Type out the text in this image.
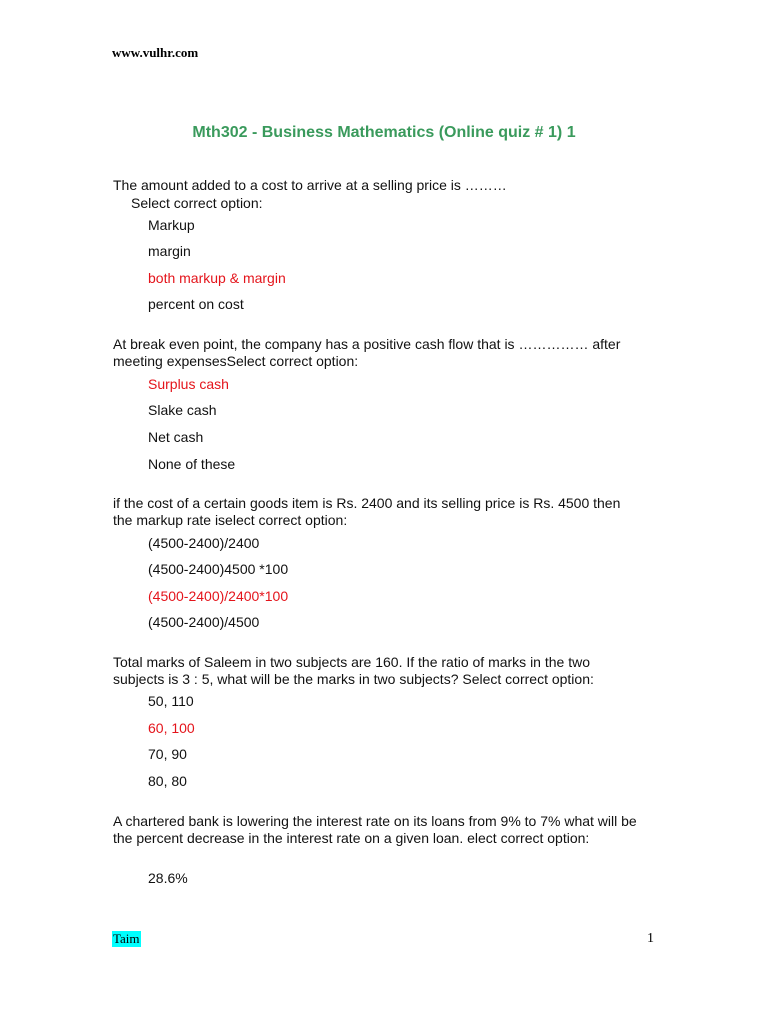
www.vulhr.com
Mth302 - Business Mathematics (Online quiz # 1) 1
The amount added to a cost to arrive at a selling price is ………
Select correct option:
Markup
margin
both markup & margin
percent on cost
At break even point, the company has a positive cash flow that is …………… after meeting expensesSelect correct option:
Surplus cash
Slake cash
Net cash
None of these
if the cost of a certain goods item is Rs. 2400 and its selling price is Rs. 4500 then the markup rate iselect correct option:
(4500-2400)/2400
(4500-2400)4500 *100
(4500-2400)/2400*100
(4500-2400)/4500
Total marks of Saleem in two subjects are 160. If the ratio of marks in the two subjects is 3 : 5, what will be the marks in two subjects? Select correct option:
50, 110
60, 100
70, 90
80, 80
A chartered bank is lowering the interest rate on its loans from 9% to 7% what will be the percent decrease in the interest rate on a given loan. elect correct option:
28.6%
Taim	1
